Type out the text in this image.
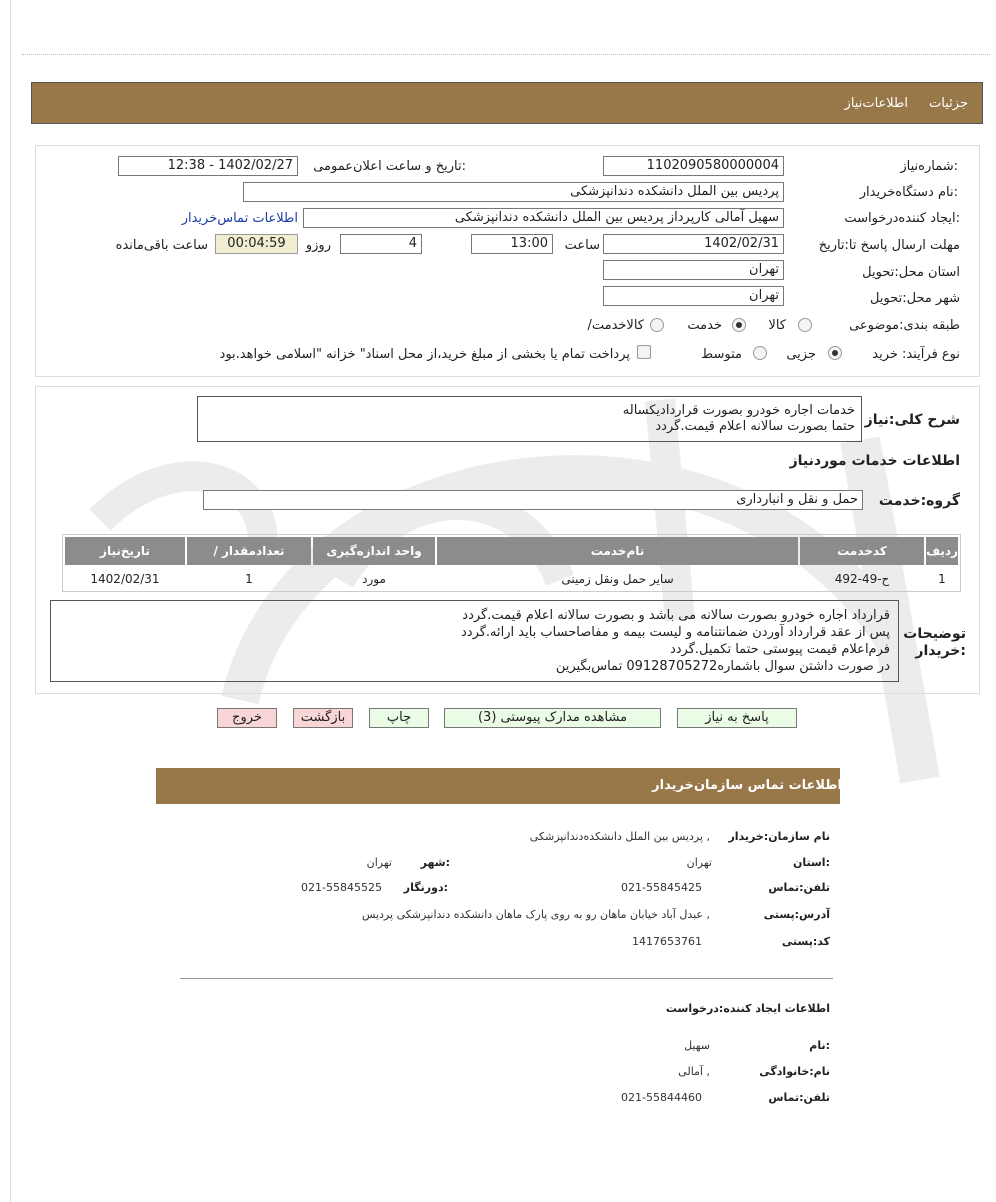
جزئیات
اطلاعات‌نیاز
شماره‌نیاز:
1102090580000004
تاریخ و ساعت اعلان‌عمومی:
1402/02/27 - 12:38
نام دستگاه‌خریدار:
پردیس بین الملل دانشکده دندانپزشکی
ایجاد کننده‌درخواست:
سهیل آمالی کارپرداز پردیس بین الملل دانشکده دندانپزشکی
اطلاعات تماس‌خریدار
مهلت ارسال پاسخ تا‌:تاریخ
1402/02/31
ساعت
13:00
روزو	4
00:04:59
ساعت باقی‌مانده
استان محل‌:تحویل
تهران
شهر محل‌:تحویل
تهران
طبقه بندی‌:موضوعی
کالا
خدمت
/کالاخدمت
نوع فرآیند: خرید
جزیی
متوسط
پرداخت تمام یا بخشی از مبلغ خرید،از محل اسناد" خزانه "اسلامی خواهد.بود
شرح کلی‌:نیاز
خدمات اجاره خودرو بصورت قراردادیکساله
حتما بصورت سالانه اعلام قیمت.گردد
اطلاعات خدمات موردنیاز
گروه‌:خدمت
حمل و نقل و انبارداری
ردیف
کدخدمت
نام‌خدمت
واحد اندازه‌گیری
/ تعدادمقدار
تاریخ‌نیاز
1
ح-49-492
سایر حمل ونقل زمینی
مورد
1
1402/02/31
توضیحات :خریدار
قرارداد اجاره خودرو بصورت سالانه می باشد و بصورت سالانه اعلام قیمت.گردد
پس از عقد قرارداد آوردن ضمانتنامه و لیست بیمه و مفاصاحساب باید ارائه.گردد
فرم‌اعلام قیمت پیوستی حتما تکمیل.گردد
در صورت داشتن سوال باشماره09128705272 تماس‌بگیرین
پاسخ به نیاز
مشاهده مدارک پیوستی (3)
چاپ
بازگشت
خروج
اطلاعات تماس سازمان‌خریدار
نام سازمان‌:خریدار
پردیس بین الملل دانشکده‌دندانپزشکی ,
استان:
تهران
شهر:
تهران
تلفن‌:تماس
021-55845425
دورنگار:
021-55845525
آدرس‌:پستی
عبدل آباد خیابان ماهان رو به روی پارک ماهان دانشکده دندانپزشکی پردیس ,
کد‌:پستی
1417653761
اطلاعات ایجاد کننده‌:درخواست
نام:
سهیل
نام‌:خانوادگی
آمالی ,
تلفن‌:تماس
021-55844460
